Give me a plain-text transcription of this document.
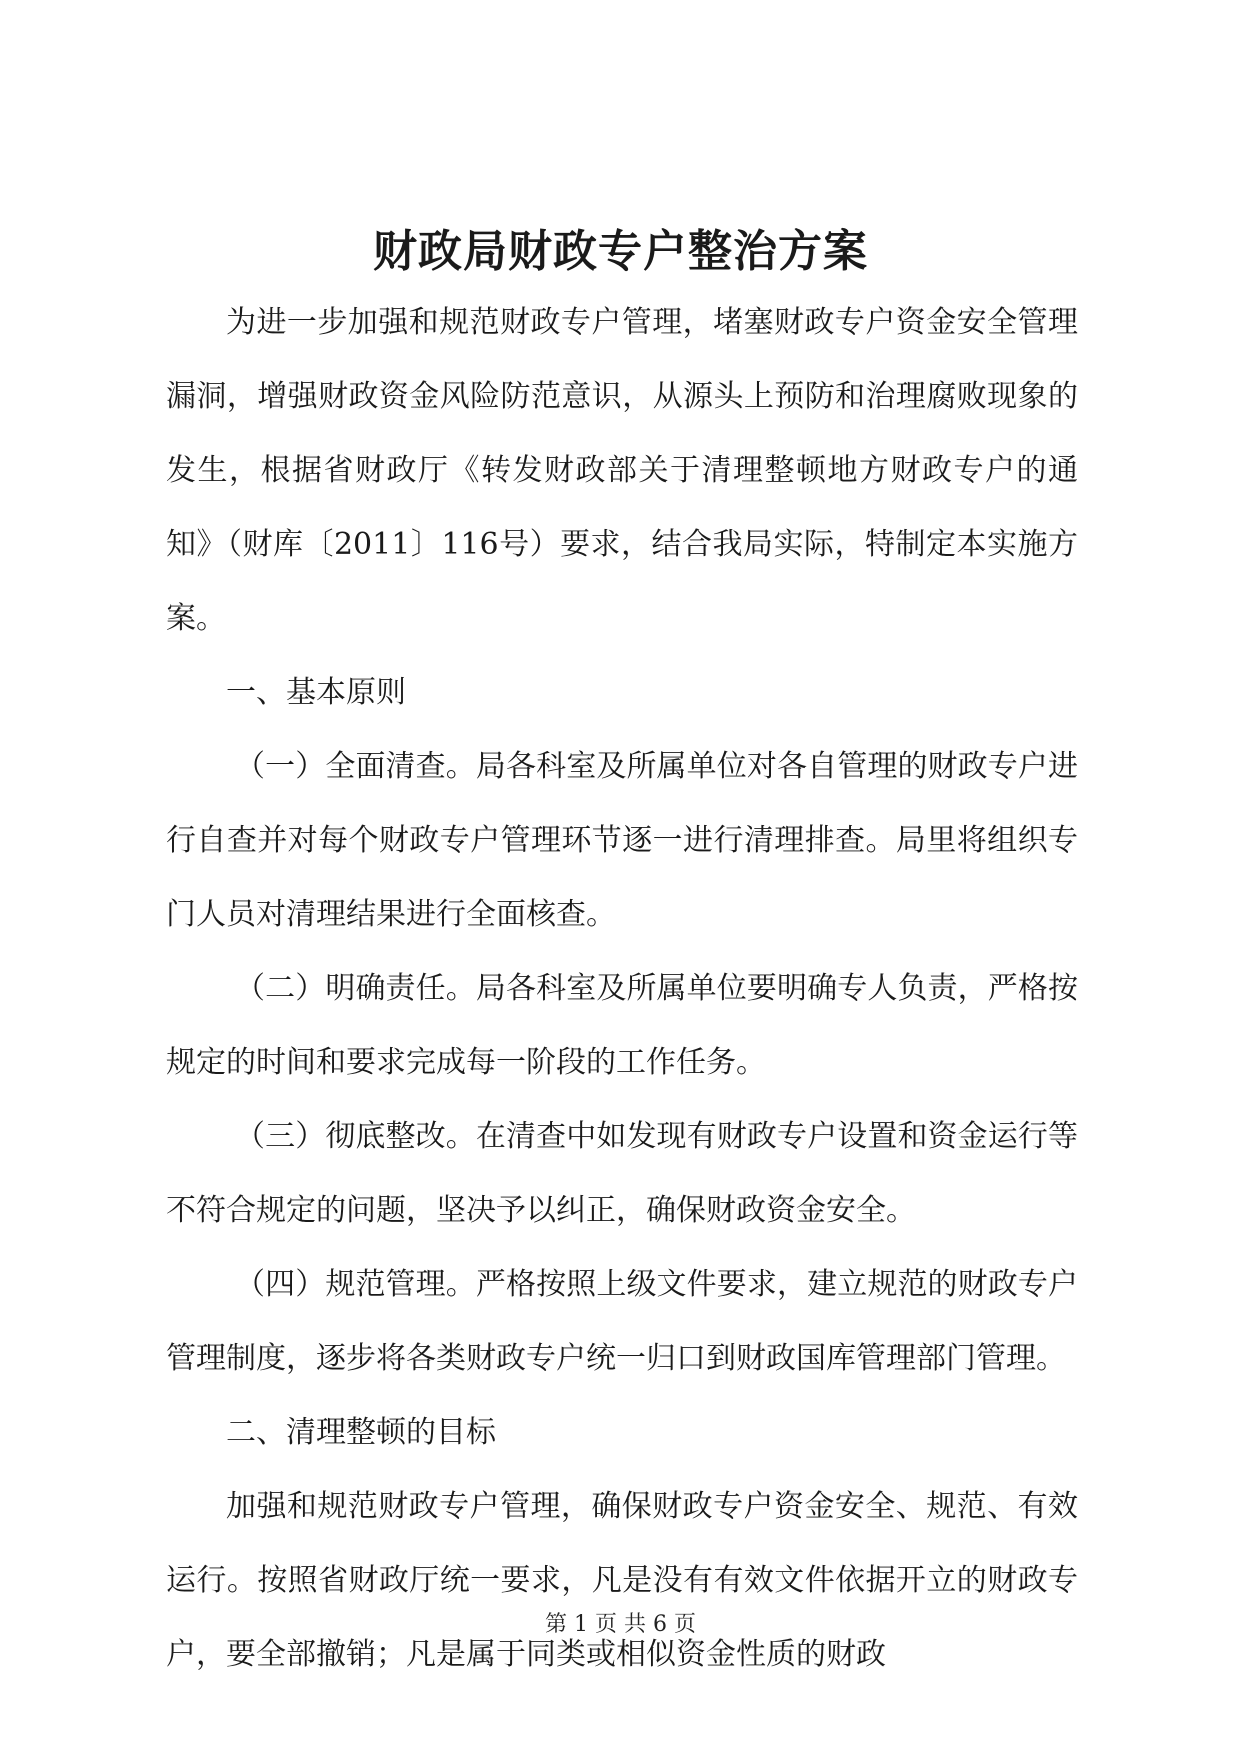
财政局财政专户整治方案

为进一步加强和规范财政专户管理，堵塞财政专户资金安全管理漏洞，增强财政资金风险防范意识，从源头上预防和治理腐败现象的发生，根据省财政厅《转发财政部关于清理整顿地方财政专户的通知》（财库〔2011〕116号）要求，结合我局实际，特制定本实施方案。

一、基本原则

（一）全面清查。局各科室及所属单位对各自管理的财政专户进行自查并对每个财政专户管理环节逐一进行清理排查。局里将组织专门人员对清理结果进行全面核查。

（二）明确责任。局各科室及所属单位要明确专人负责，严格按规定的时间和要求完成每一阶段的工作任务。

（三）彻底整改。在清查中如发现有财政专户设置和资金运行等不符合规定的问题，坚决予以纠正，确保财政资金安全。

（四）规范管理。严格按照上级文件要求，建立规范的财政专户管理制度，逐步将各类财政专户统一归口到财政国库管理部门管理。

二、清理整顿的目标

加强和规范财政专户管理，确保财政专户资金安全、规范、有效运行。按照省财政厅统一要求，凡是没有有效文件依据开立的财政专户，要全部撤销；凡是属于同类或相似资金性质的财政

第 1 页 共 6 页
